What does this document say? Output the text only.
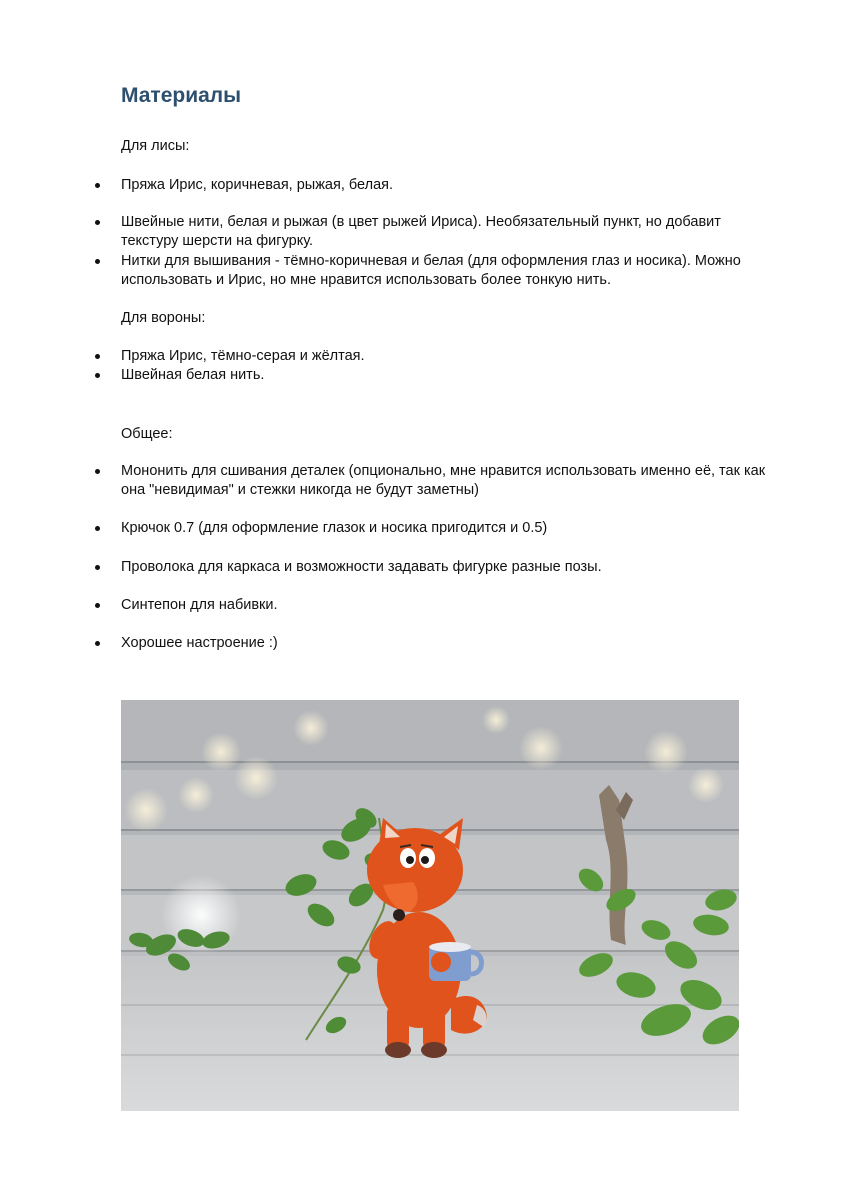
Материалы

Для лисы:

Пряжа Ирис, коричневая, рыжая, белая.
Швейные нити, белая и рыжая (в цвет рыжей Ириса). Необязательный пункт, но добавит текстуру шерсти на фигурку.
Нитки для вышивания - тёмно-коричневая и белая (для оформления глаз и носика). Можно использовать и Ирис, но мне нравится использовать более тонкую нить.

Для вороны:

Пряжа Ирис, тёмно-серая и жёлтая.
Швейная белая нить.

Общее:

Мононить для сшивания деталек (опционально, мне нравится использовать именно её, так как она "невидимая" и стежки никогда не будут заметны)
Крючок 0.7 (для оформление глазок и носика пригодится и 0.5)
Проволока для каркаса и возможности задавать фигурке разные позы.
Синтепон для набивки.
Хорошее настроение :)
